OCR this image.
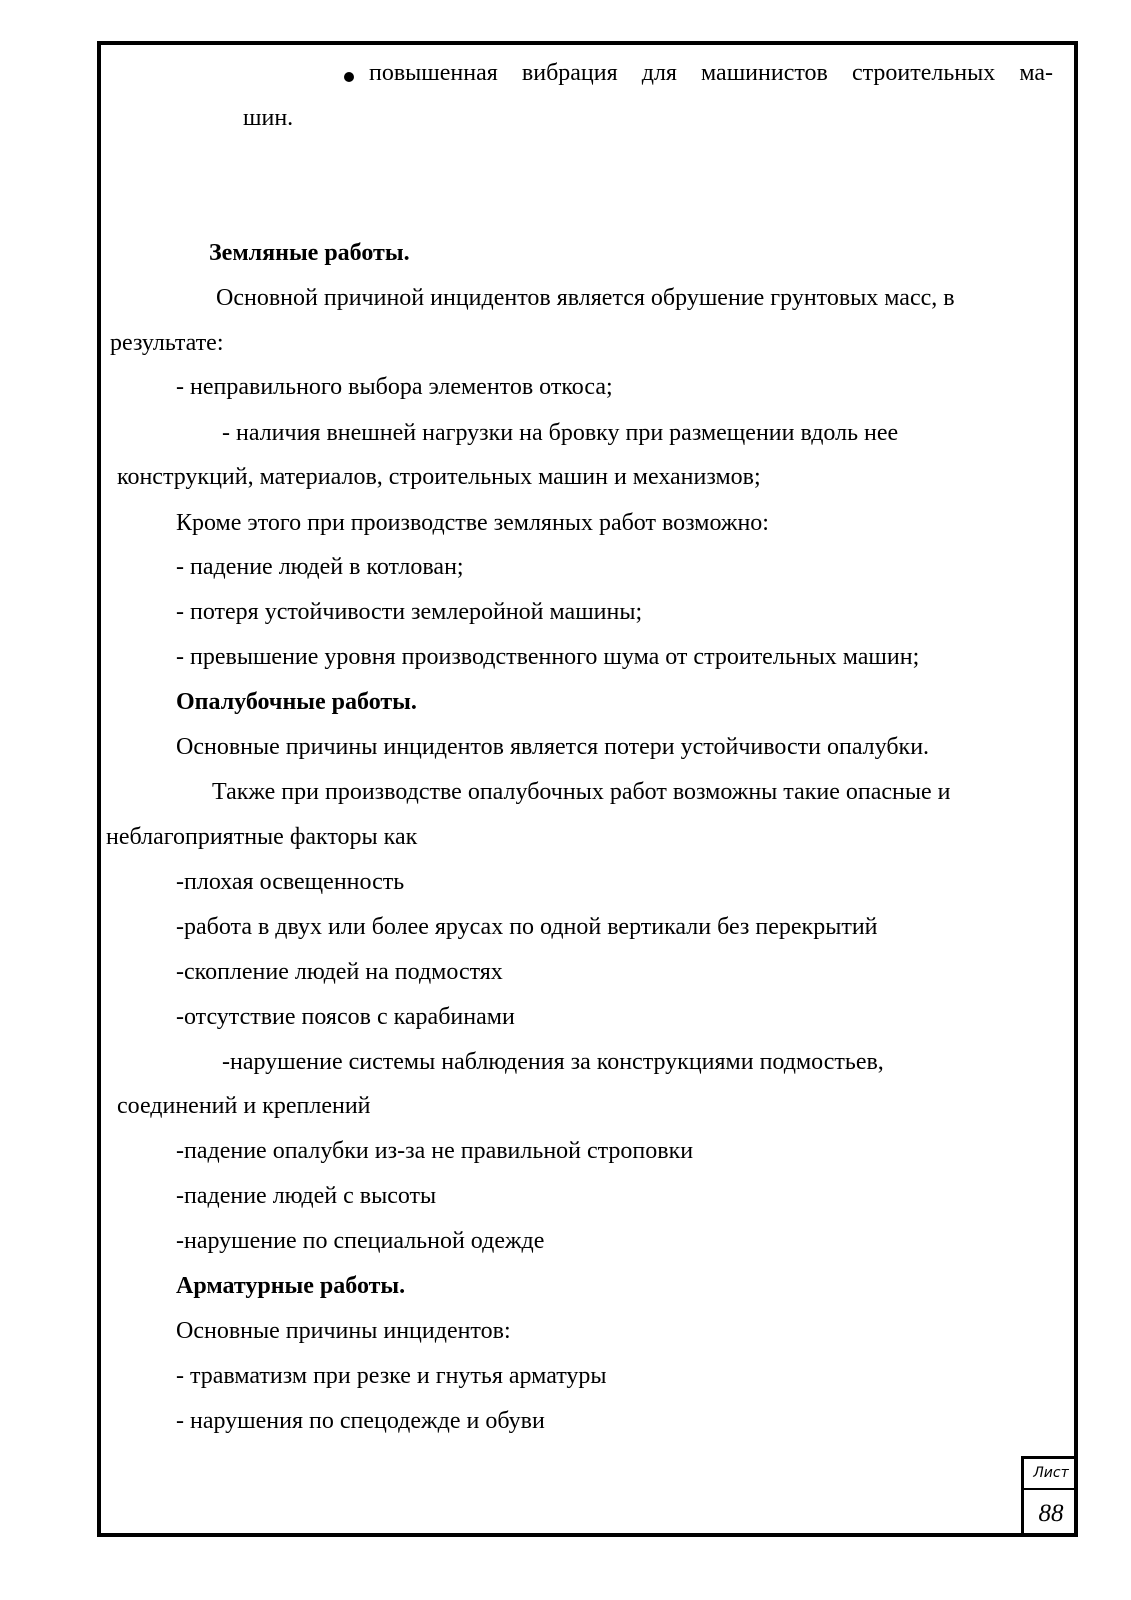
повышенная вибрация для машинистов строительных ма-
шин.
Земляные работы.
Основной причиной инцидентов является обрушение грунтовых масс, в
результате:
- неправильного выбора элементов откоса;
- наличия внешней нагрузки на бровку при размещении вдоль нее
конструкций, материалов, строительных машин и механизмов;
Кроме этого при производстве земляных работ возможно:
- падение людей в котлован;
- потеря устойчивости землеройной машины;
- превышение уровня производственного шума от строительных машин;
Опалубочные работы.
Основные причины инцидентов является потери устойчивости опалубки.
Также при производстве опалубочных работ возможны такие опасные и
неблагоприятные факторы как
-плохая освещенность
-работа в двух или более ярусах по одной вертикали без перекрытий
-скопление людей на подмостях
-отсутствие поясов с карабинами
-нарушение системы наблюдения за конструкциями подмостьев,
соединений и креплений
-падение опалубки из-за не правильной строповки
-падение людей с высоты
-нарушение по специальной одежде
Арматурные работы.
Основные причины инцидентов:
- травматизм при резке и гнутья арматуры
- нарушения по спецодежде и обуви
Лист
88
